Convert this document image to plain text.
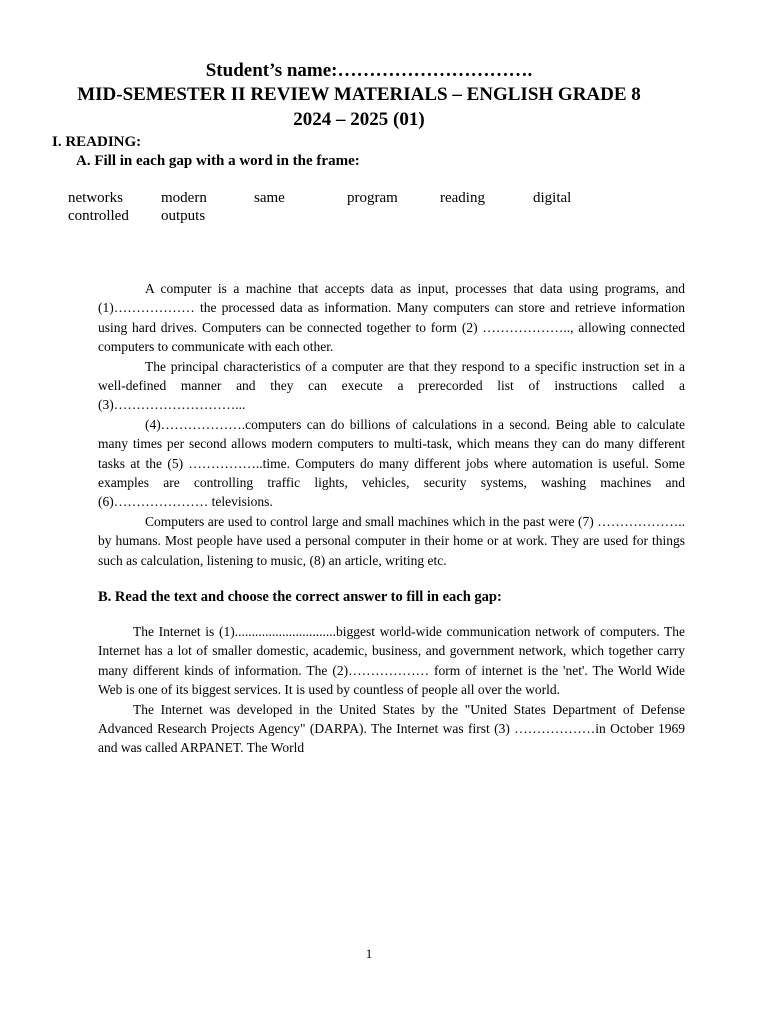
Student’s name:………………………….
MID-SEMESTER II REVIEW MATERIALS – ENGLISH GRADE 8
2024 – 2025 (01)
I. READING:
A. Fill in each gap with a word in the frame:
networks	modern	same	program	reading	digital
controlled	outputs

A computer is a machine that accepts data as input, processes that data using programs, and (1)……………… the processed data as information. Many computers can store and retrieve information using hard drives. Computers can be connected together to form (2) ……………….., allowing connected computers to communicate with each other.

The principal characteristics of a computer are that they respond to a specific instruction set in a well-defined manner and they can execute a prerecorded list of instructions called a (3)………………………...

(4)……………….computers can do billions of calculations in a second. Being able to calculate many times per second allows modern computers to multi-task, which means they can do many different tasks at the (5) ……………..time. Computers do many different jobs where automation is useful. Some examples are controlling traffic lights, vehicles, security systems, washing machines and (6)………………… televisions.

Computers are used to control large and small machines which in the past were (7) ……………….. by humans. Most people have used a personal computer in their home or at work. They are used for things such as calculation, listening to music, (8) an article, writing etc.

B. Read the text and choose the correct answer to fill in each gap:

The Internet is (1)..............................biggest world-wide communication network of computers. The Internet has a lot of smaller domestic, academic, business, and government network, which together carry many different kinds of information. The (2)……………… form of internet is the 'net'. The World Wide Web is one of its biggest services. It is used by countless of people all over the world.

The Internet was developed in the United States by the "United States Department of Defense Advanced Research Projects Agency" (DARPA). The Internet was first (3) ………………in October 1969 and was called ARPANET. The World

1
